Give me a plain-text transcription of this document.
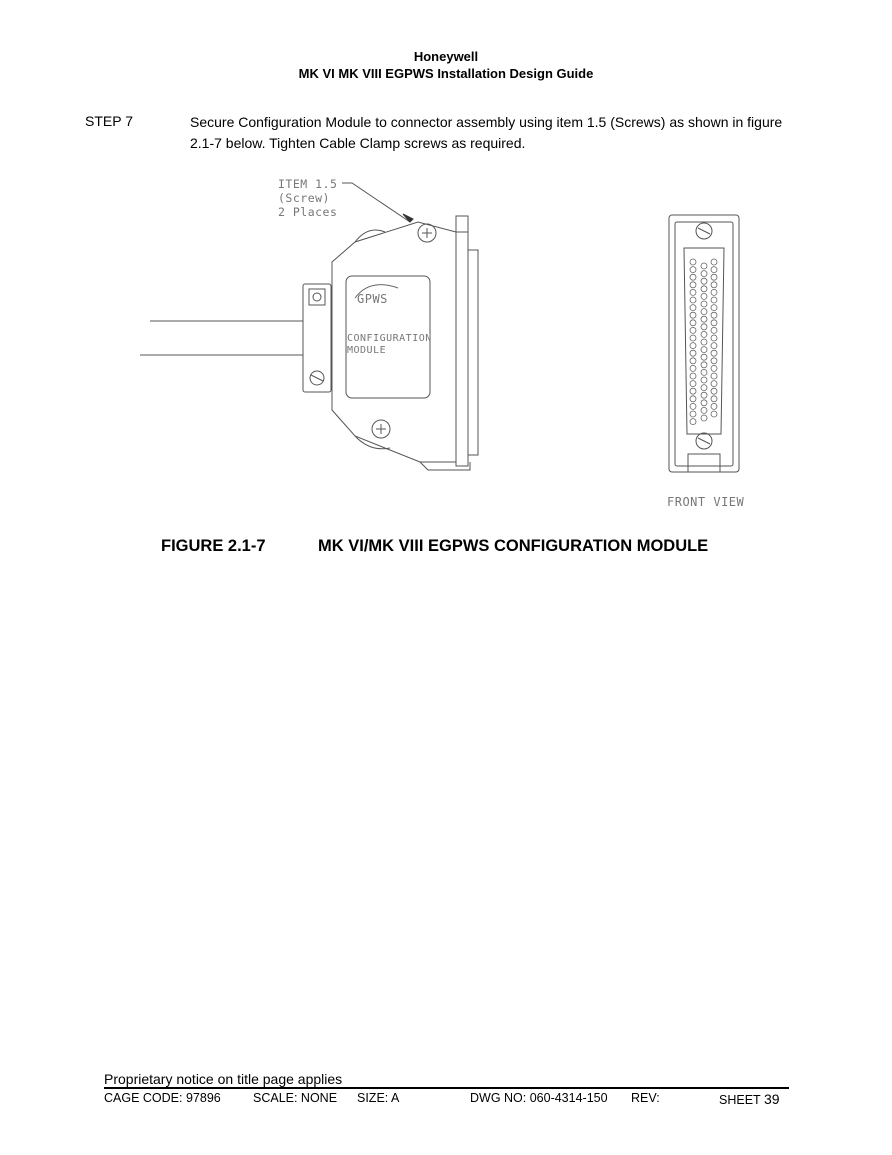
Honeywell
MK VI MK VIII EGPWS Installation Design Guide
STEP 7	Secure Configuration Module to connector assembly using item 1.5 (Screws) as shown in figure
2.1-7 below. Tighten Cable Clamp screws as required.
ITEM 1.5
(Screw)
2 Places
GPWS
CONFIGURATION
MODULE
FRONT VIEW
FIGURE 2.1-7	MK VI/MK VIII EGPWS CONFIGURATION MODULE
Proprietary notice on title page applies
CAGE CODE: 97896	SCALE: NONE SIZE: A	DWG NO: 060-4314-150 REV:	SHEET 39
